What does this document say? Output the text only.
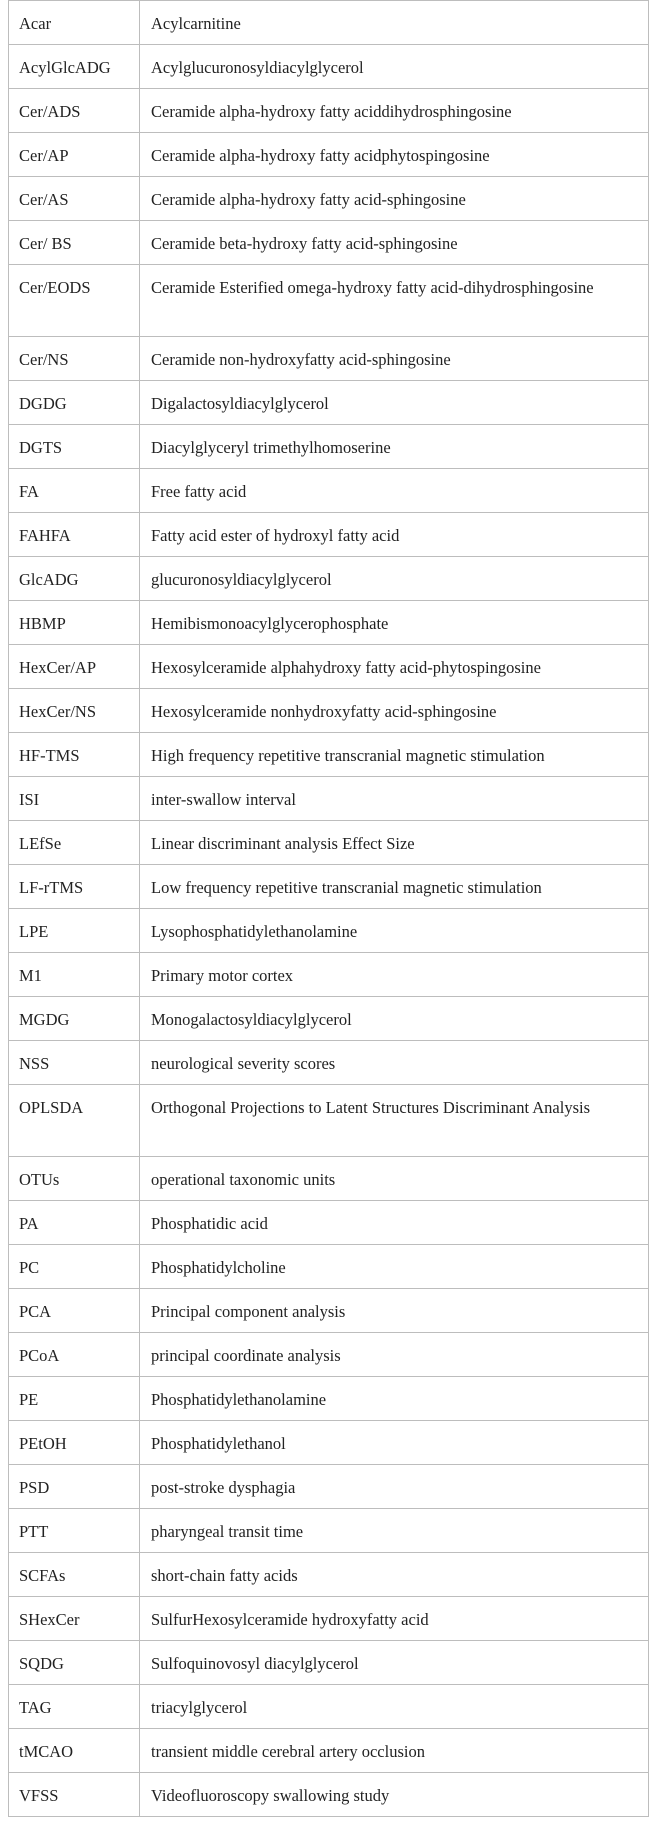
Acar	Acylcarnitine

AcylGlcADG	Acylglucuronosyldiacylglycerol

Cer/ADS	Ceramide alpha-hydroxy fatty aciddihydrosphingosine

Cer/AP	Ceramide alpha-hydroxy fatty acidphytospingosine

Cer/AS	Ceramide alpha-hydroxy fatty acid-sphingosine

Cer/ BS	Ceramide beta-hydroxy fatty acid-sphingosine

Cer/EODS	Ceramide Esterified omega-hydroxy fatty acid-dihydrosphingosine

Cer/NS	Ceramide non-hydroxyfatty acid-sphingosine

DGDG	Digalactosyldiacylglycerol

DGTS	Diacylglyceryl trimethylhomoserine

FA	Free fatty acid

FAHFA	Fatty acid ester of hydroxyl fatty acid

GlcADG	glucuronosyldiacylglycerol

HBMP	Hemibismonoacylglycerophosphate

HexCer/AP	Hexosylceramide alphahydroxy fatty acid-phytospingosine

HexCer/NS	Hexosylceramide nonhydroxyfatty acid-sphingosine

HF-TMS	High frequency repetitive transcranial magnetic stimulation

ISI	inter-swallow interval

LEfSe	Linear discriminant analysis Effect Size

LF-rTMS	Low frequency repetitive transcranial magnetic stimulation

LPE	Lysophosphatidylethanolamine

M1	Primary motor cortex

MGDG	Monogalactosyldiacylglycerol

NSS	neurological severity scores

OPLSDA	Orthogonal Projections to Latent Structures Discriminant Analysis

OTUs	operational taxonomic units

PA	Phosphatidic acid

PC	Phosphatidylcholine

PCA	Principal component analysis

PCoA	principal coordinate analysis

PE	Phosphatidylethanolamine

PEtOH	Phosphatidylethanol

PSD	post-stroke dysphagia

PTT	pharyngeal transit time

SCFAs	short-chain fatty acids

SHexCer	SulfurHexosylceramide hydroxyfatty acid

SQDG	Sulfoquinovosyl diacylglycerol

TAG	triacylglycerol

tMCAO	transient middle cerebral artery occlusion

VFSS	Videofluoroscopy swallowing study
